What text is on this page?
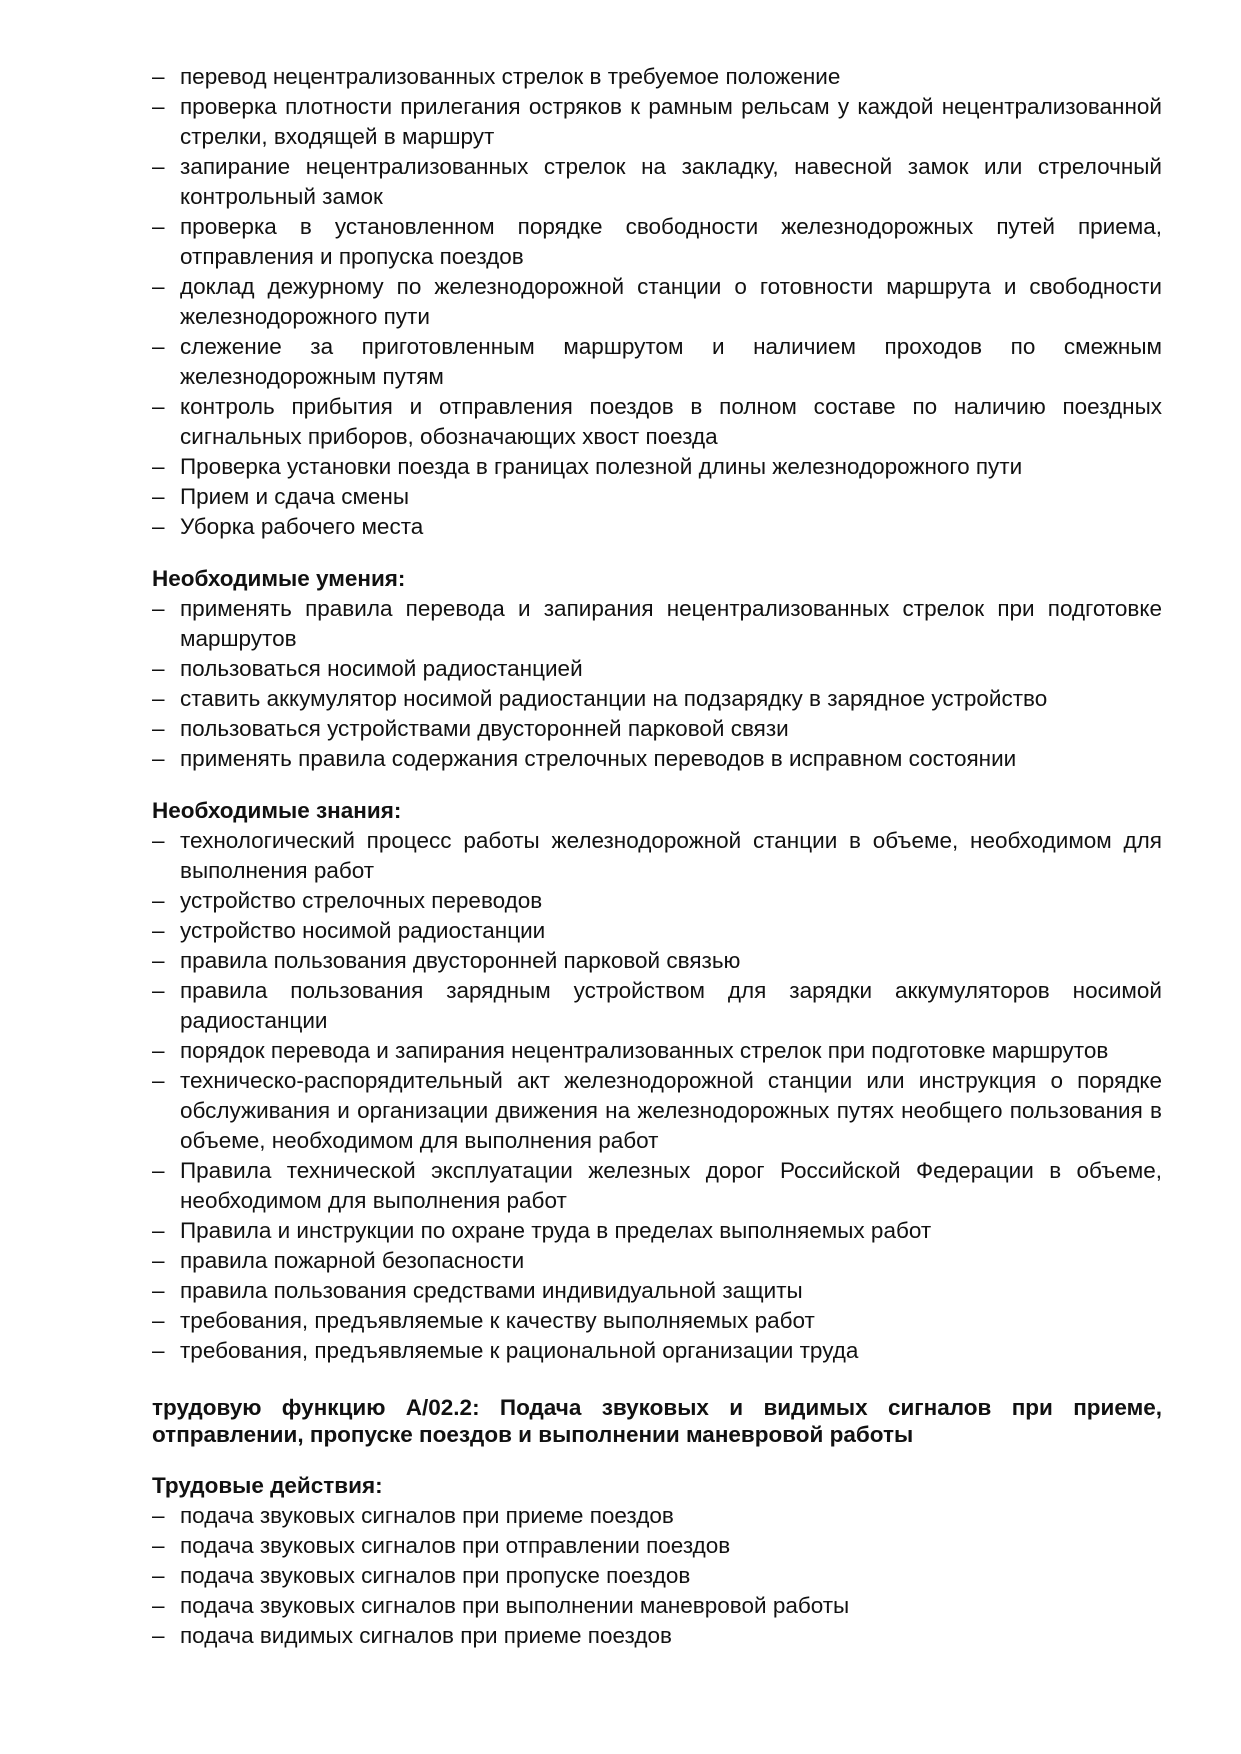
– перевод нецентрализованных стрелок в требуемое положение
– проверка плотности прилегания остряков к рамным рельсам у каждой нецентрализованной стрелки, входящей в маршрут
– запирание нецентрализованных стрелок на закладку, навесной замок или стрелочный контрольный замок
– проверка в установленном порядке свободности железнодорожных путей приема, отправления и пропуска поездов
– доклад дежурному по железнодорожной станции о готовности маршрута и свободности железнодорожного пути
– слежение за приготовленным маршрутом и наличием проходов по смежным железнодорожным путям
– контроль прибытия и отправления поездов в полном составе по наличию поездных сигнальных приборов, обозначающих хвост поезда
– Проверка установки поезда в границах полезной длины железнодорожного пути
– Прием и сдача смены
– Уборка рабочего места
Необходимые умения:
– применять правила перевода и запирания нецентрализованных стрелок при подготовке маршрутов
– пользоваться носимой радиостанцией
– ставить аккумулятор носимой радиостанции на подзарядку в зарядное устройство
– пользоваться устройствами двусторонней парковой связи
– применять правила содержания стрелочных переводов в исправном состоянии
Необходимые знания:
– технологический процесс работы железнодорожной станции в объеме, необходимом для выполнения работ
– устройство стрелочных переводов
– устройство носимой радиостанции
– правила пользования двусторонней парковой связью
– правила пользования зарядным устройством для зарядки аккумуляторов носимой радиостанции
– порядок перевода и запирания нецентрализованных стрелок при подготовке маршрутов
– техническо-распорядительный акт железнодорожной станции или инструкция о порядке обслуживания и организации движения на железнодорожных путях необщего пользования в объеме, необходимом для выполнения работ
– Правила технической эксплуатации железных дорог Российской Федерации в объеме, необходимом для выполнения работ
– Правила и инструкции по охране труда в пределах выполняемых работ
– правила пожарной безопасности
– правила пользования средствами индивидуальной защиты
– требования, предъявляемые к качеству выполняемых работ
– требования, предъявляемые к рациональной организации труда

трудовую функцию A/02.2: Подача звуковых и видимых сигналов при приеме, отправлении, пропуске поездов и выполнении маневровой работы

Трудовые действия:
– подача звуковых сигналов при приеме поездов
– подача звуковых сигналов при отправлении поездов
– подача звуковых сигналов при пропуске поездов
– подача звуковых сигналов при выполнении маневровой работы
– подача видимых сигналов при приеме поездов
